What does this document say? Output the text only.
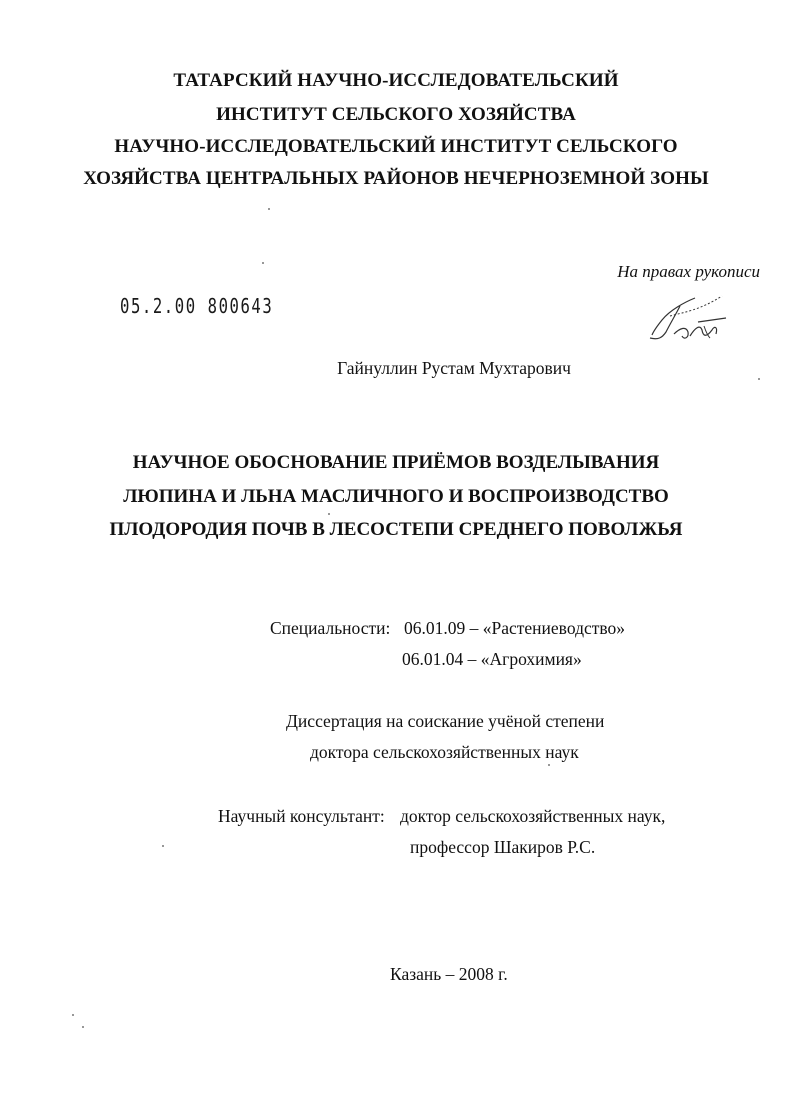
ТАТАРСКИЙ НАУЧНО-ИССЛЕДОВАТЕЛЬСКИЙ
ИНСТИТУТ СЕЛЬСКОГО ХОЗЯЙСТВА
НАУЧНО-ИССЛЕДОВАТЕЛЬСКИЙ ИНСТИТУТ СЕЛЬСКОГО
ХОЗЯЙСТВА ЦЕНТРАЛЬНЫХ РАЙОНОВ НЕЧЕРНОЗЕМНОЙ ЗОНЫ
На правах рукописи
05.2.00 800643
Гайнуллин Рустам Мухтарович
НАУЧНОЕ ОБОСНОВАНИЕ ПРИЁМОВ ВОЗДЕЛЫВАНИЯ
ЛЮПИНА И ЛЬНА МАСЛИЧНОГО И ВОСПРОИЗВОДСТВО
ПЛОДОРОДИЯ ПОЧВ В ЛЕСОСТЕПИ СРЕДНЕГО ПОВОЛЖЬЯ
Специальности: 06.01.09 – «Растениеводство»
06.01.04 – «Агрохимия»
Диссертация на соискание учёной степени
доктора сельскохозяйственных наук
Научный консультант: доктор сельскохозяйственных наук,
профессор Шакиров Р.С.
Казань – 2008 г.
